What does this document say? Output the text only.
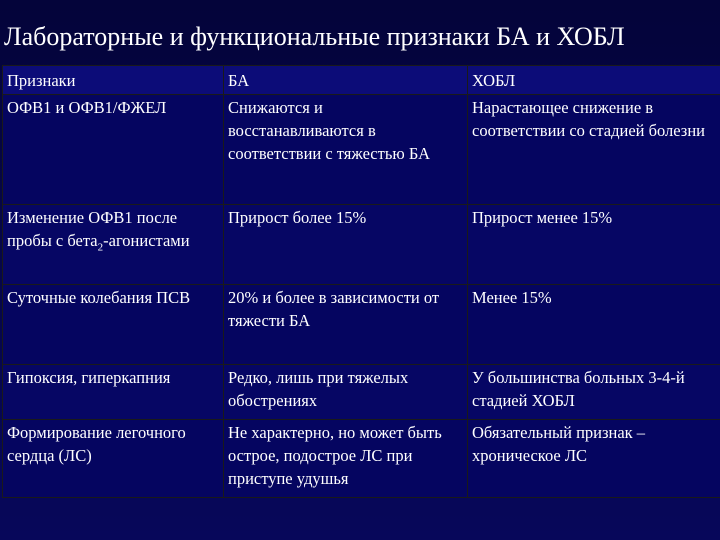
Лабораторные и функциональные признаки БА и ХОБЛ
Признаки	БА	ХОБЛ
ОФВ1 и ОФВ1/ФЖЕЛ	Снижаются и восстанавливаются в соответствии с тяжестью БА	Нарастающее снижение в соответствии со стадией болезни
Изменение ОФВ1 после пробы с бета$_2$-агонистами	Прирост более 15%	Прирост менее 15%
Суточные колебания ПСВ	20% и более в зависимости от тяжести БА	Менее 15%
Гипоксия, гиперкапния	Редко, лишь при тяжелых обострениях	У большинства больных 3-4-й стадией ХОБЛ
Формирование легочного сердца (ЛС)	Не характерно, но может быть острое, подострое ЛС при приступе удушья	Обязательный признак – хроническое ЛС
